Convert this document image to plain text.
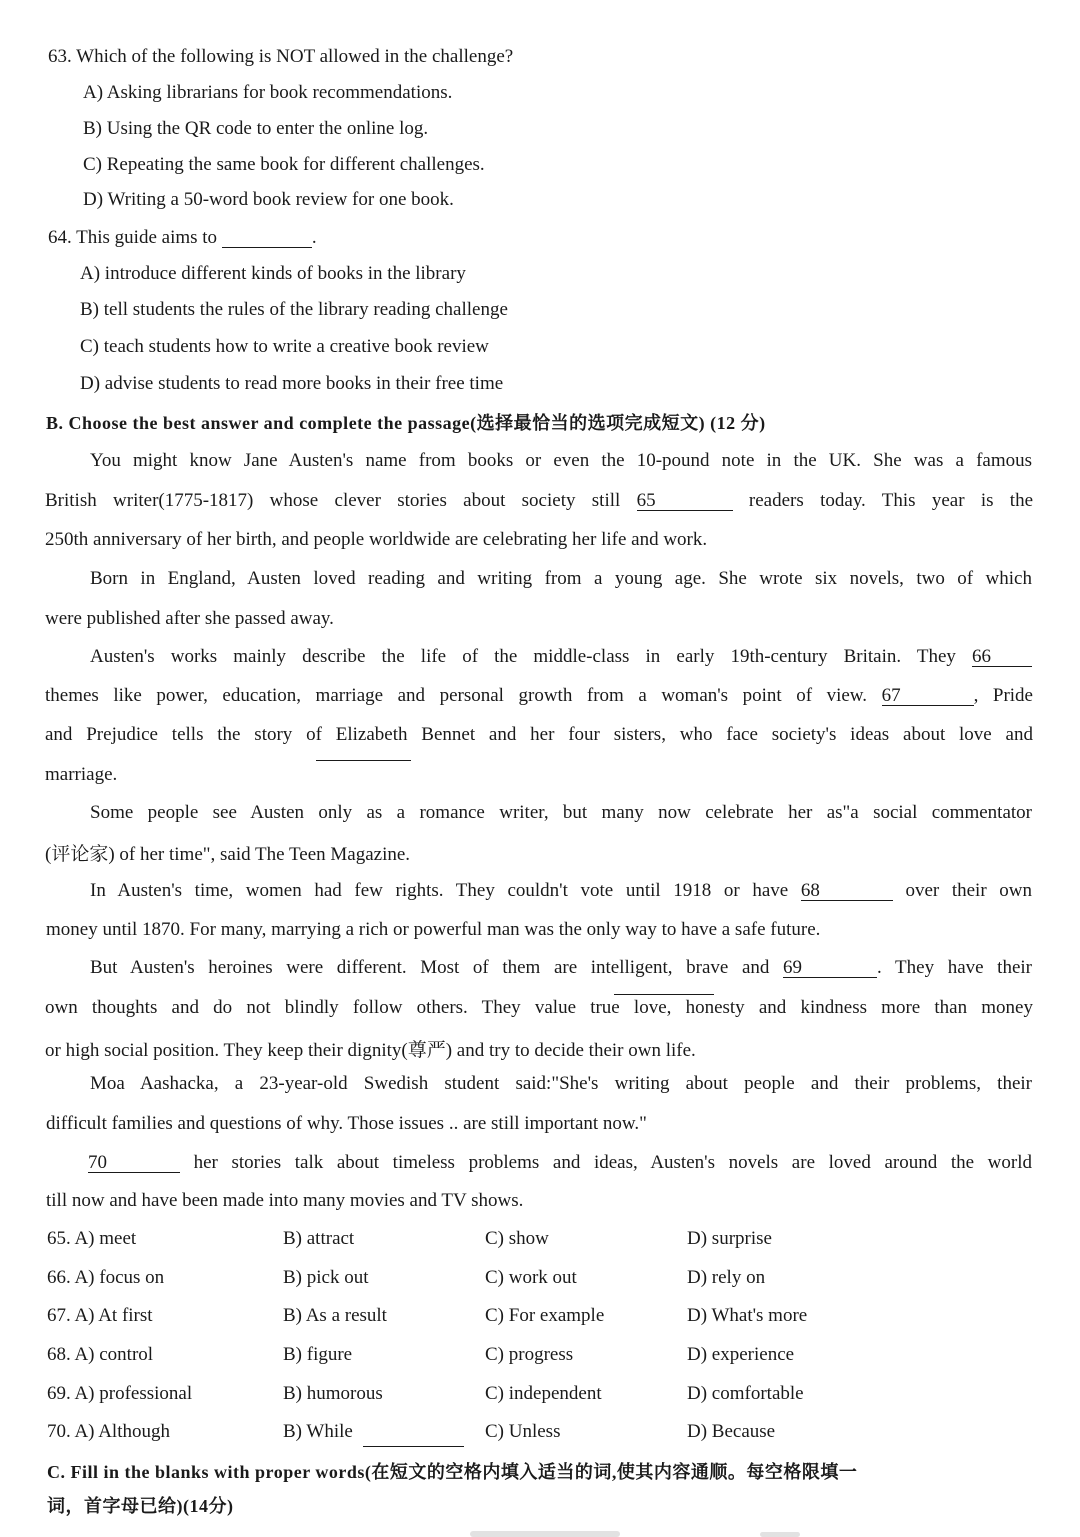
63. Which of the following is NOT allowed in the challenge?
A) Asking librarians for book recommendations.
B) Using the QR code to enter the online log.
C) Repeating the same book for different challenges.
D) Writing a 50-word book review for one book.
64. This guide aims to	.
A) introduce different kinds of books in the library
B) tell students the rules of the library reading challenge
C) teach students how to write a creative book review
D) advise students to read more books in their free time
B. Choose the best answer and complete the passage(选择最恰当的选项完成短文) (12 分)
You might know Jane Austen's name from books or even the 10-pound note in the UK. She was a famous
British writer(1775-1817) whose clever stories about society still 65	readers today. This year is the
250th anniversary of her birth, and people worldwide are celebrating her life and work.
Born in England, Austen loved reading and writing from a young age. She wrote six novels, two of which
were published after she passed away.
Austen's works mainly describe the life of the middle-class in early 19th-century Britain. They 66
themes like power, education, marriage and personal growth from a woman's point of view. 67	, Pride
and Prejudice tells the story of Elizabeth Bennet and her four sisters, who face society's ideas about love and
marriage.
Some people see Austen only as a romance writer, but many now celebrate her as"a social commentator
(评论家) of her time", said The Teen Magazine.
In Austen's time, women had few rights. They couldn't vote until 1918 or have 68	over their own
money until 1870. For many, marrying a rich or powerful man was the only way to have a safe future.
But Austen's heroines were different. Most of them are intelligent, brave and 69	. They have their
own thoughts and do not blindly follow others. They value true love, honesty and kindness more than money
or high social position. They keep their dignity(尊严) and try to decide their own life.
Moa Aashacka, a 23-year-old Swedish student said:"She's writing about people and their problems, their
difficult families and questions of why. Those issues .. are still important now."
70	her stories talk about timeless problems and ideas, Austen's novels are loved around the world
till now and have been made into many movies and TV shows.
65. A) meet	B) attract	C) show	D) surprise
66. A) focus on	B) pick out	C) work out	D) rely on
67. A) At first	B) As a result	C) For example	D) What's more
68. A) control	B) figure	C) progress	D) experience
69. A) professional	B) humorous	C) independent	D) comfortable
70. A) Although	B) While	C) Unless	D) Because
C. Fill in the blanks with proper words(在短文的空格内填入适当的词,使其内容通顺。每空格限填一
词，首字母已给)(14分)
